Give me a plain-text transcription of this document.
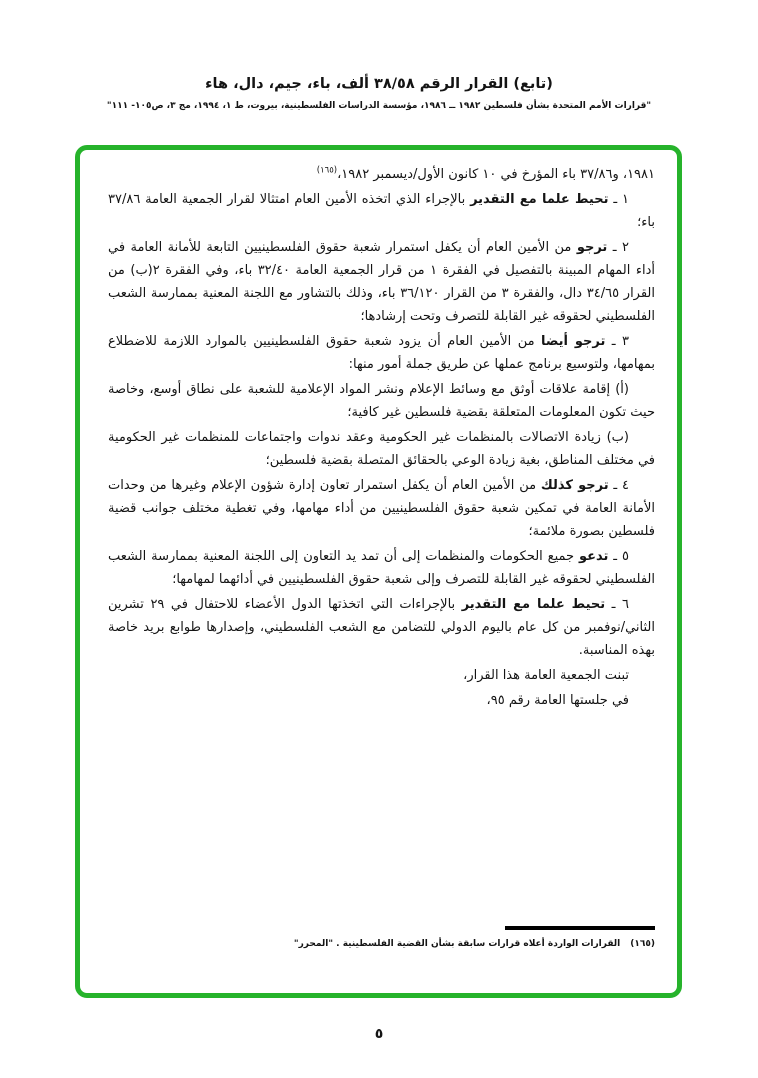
(تابع) القرار الرقم ٣٨/٥٨ ألف، باء، جيم، دال، هاء
"قرارات الأمم المتحدة بشأن فلسطين ١٩٨٢ ــ ١٩٨٦، مؤسسة الدراسات الفلسطينية، بيروت، ط ١، ١٩٩٤، مج ٣، ص١٠٥- ١١١"

١٩٨١، و٣٧/٨٦ باء المؤرخ في ١٠ كانون الأول/ديسمبر ١٩٨٢،$^{(١٦٥)}$

١ ـ تحيط علما مع التقدير بالإجراء الذي اتخذه الأمين العام امتثالا لقرار الجمعية العامة ٣٧/٨٦ باء؛

٢ ـ ترجو من الأمين العام أن يكفل استمرار شعبة حقوق الفلسطينيين التابعة للأمانة العامة في أداء المهام المبينة بالتفصيل في الفقرة ١ من قرار الجمعية العامة ٣٢/٤٠ باء، وفي الفقرة ٢(ب) من القرار ٣٤/٦٥ دال، والفقرة ٣ من القرار ٣٦/١٢٠ باء، وذلك بالتشاور مع اللجنة المعنية بممارسة الشعب الفلسطيني لحقوقه غير القابلة للتصرف وتحت إرشادها؛

٣ ـ ترجو أيضا من الأمين العام أن يزود شعبة حقوق الفلسطينيين بالموارد اللازمة للاضطلاع بمهامها، ولتوسيع برنامج عملها عن طريق جملة أمور منها:

(أ) إقامة علاقات أوثق مع وسائط الإعلام ونشر المواد الإعلامية للشعبة على نطاق أوسع، وخاصة حيث تكون المعلومات المتعلقة بقضية فلسطين غير كافية؛

(ب) زيادة الاتصالات بالمنظمات غير الحكومية وعقد ندوات واجتماعات للمنظمات غير الحكومية في مختلف المناطق، بغية زيادة الوعي بالحقائق المتصلة بقضية فلسطين؛

٤ ـ ترجو كذلك من الأمين العام أن يكفل استمرار تعاون إدارة شؤون الإعلام وغيرها من وحدات الأمانة العامة في تمكين شعبة حقوق الفلسطينيين من أداء مهامها، وفي تغطية مختلف جوانب قضية فلسطين بصورة ملائمة؛

٥ ـ تدعو جميع الحكومات والمنظمات إلى أن تمد يد التعاون إلى اللجنة المعنية بممارسة الشعب الفلسطيني لحقوقه غير القابلة للتصرف وإلى شعبة حقوق الفلسطينيين في أدائهما لمهامها؛

٦ ـ تحيط علما مع التقدير بالإجراءات التي اتخذتها الدول الأعضاء للاحتفال في ٢٩ تشرين الثاني/نوفمبر من كل عام باليوم الدولي للتضامن مع الشعب الفلسطيني، وإصدارها طوابع بريد خاصة بهذه المناسبة.

تبنت الجمعية العامة هذا القرار،

في جلستها العامة رقم ٩٥،

(١٦٥)القرارات الواردة أعلاه قرارات سابقة بشأن القضية الفلسطينية . "المحرر"
٥
